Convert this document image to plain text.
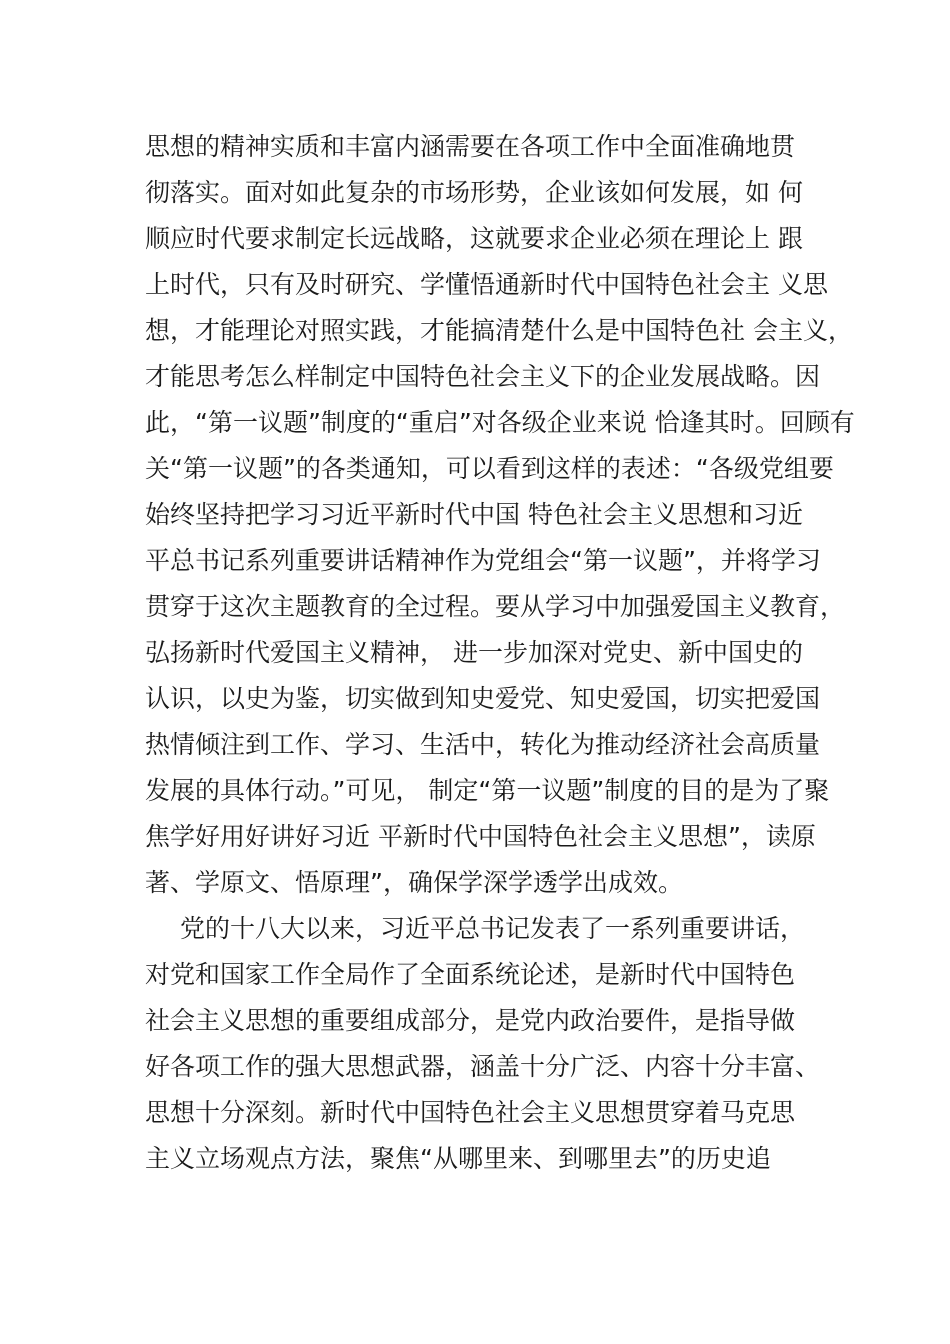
思想的精神实质和丰富内涵需要在各项工作中全面准确地贯
彻落实。面对如此复杂的市场形势，企业该如何发展，如 何
顺应时代要求制定长远战略，这就要求企业必须在理论上 跟
上时代，只有及时研究、学懂悟通新时代中国特色社会主 义思
想，才能理论对照实践，才能搞清楚什么是中国特色社 会主义，
才能思考怎么样制定中国特色社会主义下的企业发展战略。因
此，“第一议题”制度的“重启”对各级企业来说 恰逢其时。回顾有
关“第一议题”的各类通知，可以看到这样的表述：“各级党组要
始终坚持把学习习近平新时代中国 特色社会主义思想和习近
平总书记系列重要讲话精神作为党组会“第一议题”，并将学习
贯穿于这次主题教育的全过程。要从学习中加强爱国主义教育，
弘扬新时代爱国主义精神， 进一步加深对党史、新中国史的
认识，以史为鉴，切实做到知史爱党、知史爱国，切实把爱国
热情倾注到工作、学习、生活中，转化为推动经济社会高质量
发展的具体行动。”可见， 制定“第一议题”制度的目的是为了聚
焦学好用好讲好习近 平新时代中国特色社会主义思想”，读原
著、学原文、悟原理”，确保学深学透学出成效。
党的十八大以来，习近平总书记发表了一系列重要讲话，
对党和国家工作全局作了全面系统论述，是新时代中国特色
社会主义思想的重要组成部分，是党内政治要件，是指导做
好各项工作的强大思想武器，涵盖十分广泛、内容十分丰富、
思想十分深刻。新时代中国特色社会主义思想贯穿着马克思
主义立场观点方法，聚焦“从哪里来、到哪里去”的历史追
